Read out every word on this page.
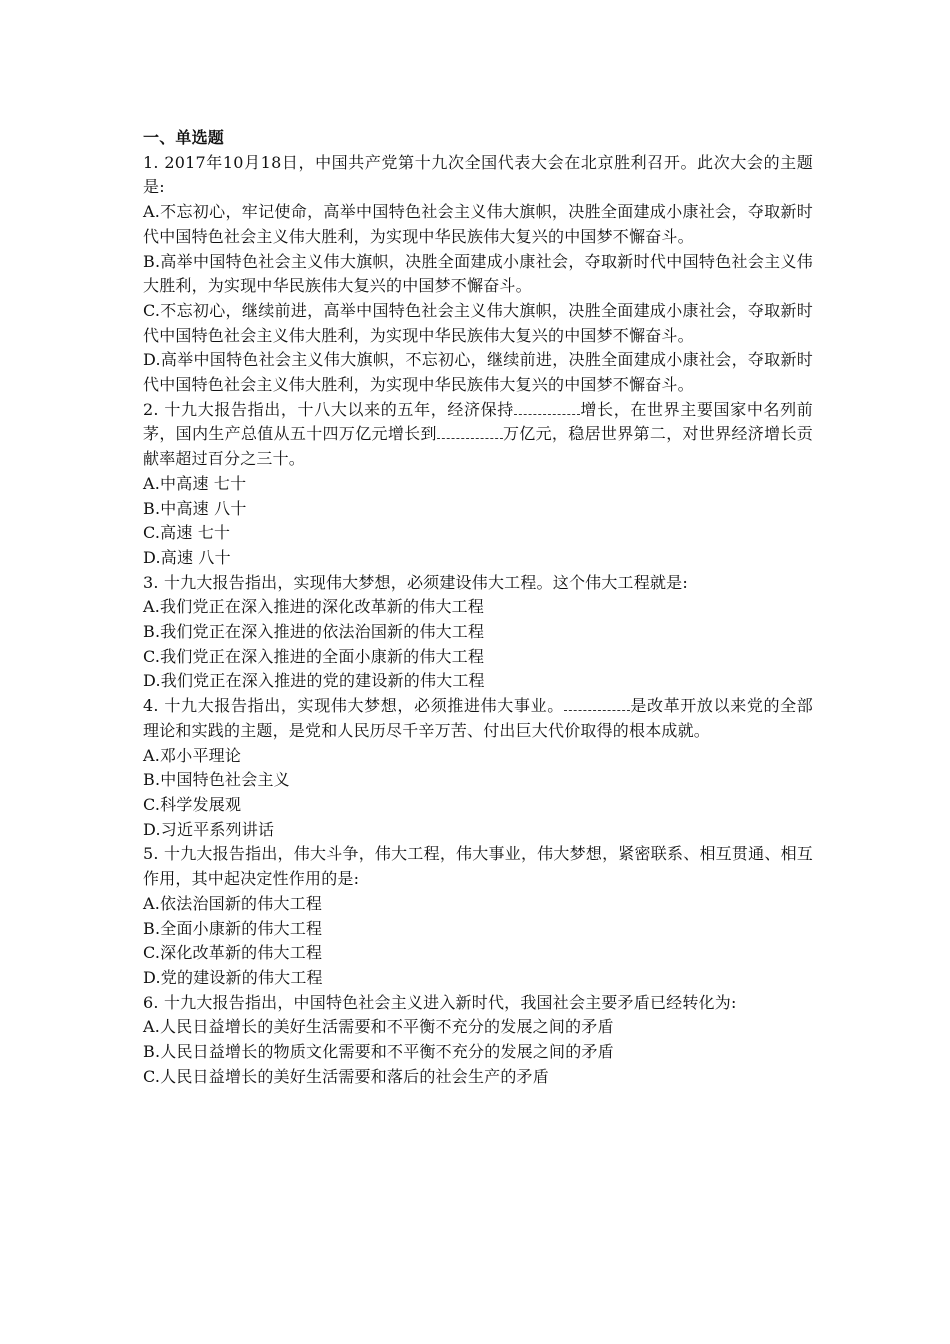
一、单选题

1. 2017年10月18日，中国共产党第十九次全国代表大会在北京胜利召开。此次大会的主题是:

A.不忘初心，牢记使命，高举中国特色社会主义伟大旗帜，决胜全面建成小康社会，夺取新时代中国特色社会主义伟大胜利，为实现中华民族伟大复兴的中国梦不懈奋斗。

B.高举中国特色社会主义伟大旗帜，决胜全面建成小康社会，夺取新时代中国特色社会主义伟大胜利，为实现中华民族伟大复兴的中国梦不懈奋斗。

C.不忘初心，继续前进，高举中国特色社会主义伟大旗帜，决胜全面建成小康社会，夺取新时代中国特色社会主义伟大胜利，为实现中华民族伟大复兴的中国梦不懈奋斗。

D.高举中国特色社会主义伟大旗帜，不忘初心，继续前进，决胜全面建成小康社会，夺取新时代中国特色社会主义伟大胜利，为实现中华民族伟大复兴的中国梦不懈奋斗。

2. 十九大报告指出，十八大以来的五年，经济保持	增长，在世界主要国家中名列前茅，国内生产总值从五十四万亿元增长到	万亿元，稳居世界第二，对世界经济增长贡献率超过百分之三十。

A.中高速 七十

B.中高速 八十

C.高速 七十

D.高速 八十

3. 十九大报告指出，实现伟大梦想，必须建设伟大工程。这个伟大工程就是:

A.我们党正在深入推进的深化改革新的伟大工程

B.我们党正在深入推进的依法治国新的伟大工程

C.我们党正在深入推进的全面小康新的伟大工程

D.我们党正在深入推进的党的建设新的伟大工程

4. 十九大报告指出，实现伟大梦想，必须推进伟大事业。	是改革开放以来党的全部理论和实践的主题，是党和人民历尽千辛万苦、付出巨大代价取得的根本成就。

A.邓小平理论

B.中国特色社会主义

C.科学发展观

D.习近平系列讲话

5. 十九大报告指出，伟大斗争，伟大工程，伟大事业，伟大梦想，紧密联系、相互贯通、相互作用，其中起决定性作用的是:

A.依法治国新的伟大工程

B.全面小康新的伟大工程

C.深化改革新的伟大工程

D.党的建设新的伟大工程

6. 十九大报告指出，中国特色社会主义进入新时代，我国社会主要矛盾已经转化为:

A.人民日益增长的美好生活需要和不平衡不充分的发展之间的矛盾

B.人民日益增长的物质文化需要和不平衡不充分的发展之间的矛盾

C.人民日益增长的美好生活需要和落后的社会生产的矛盾
